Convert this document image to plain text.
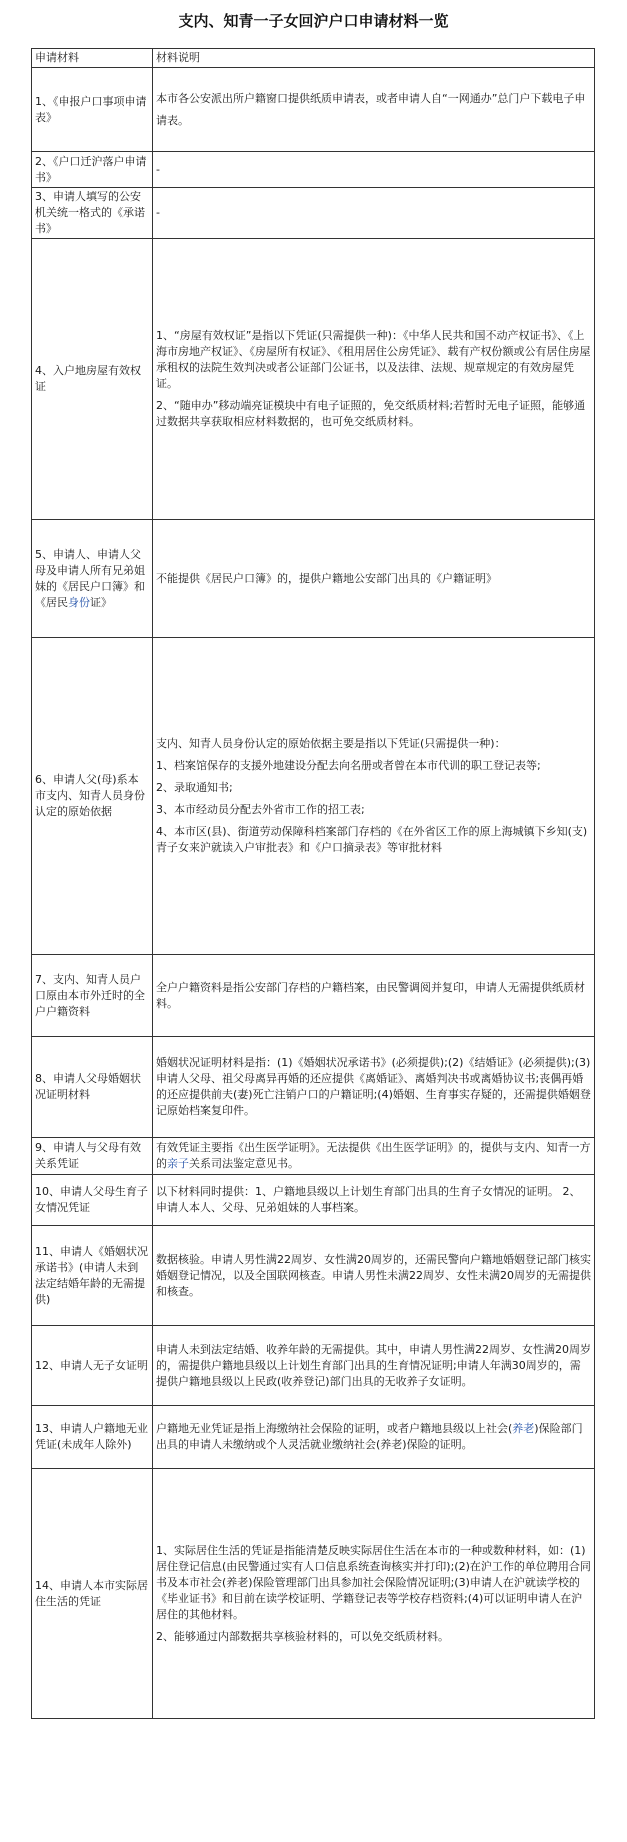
支内、知青一子女回沪户口申请材料一览
申请材料	材料说明
1、《申报户口事项申请表》	本市各公安派出所户籍窗口提供纸质申请表，或者申请人自“一网通办”总门户下载电子申请表。
2、《户口迁沪落户申请书》	-
3、申请人填写的公安机关统一格式的《承诺书》	-
4、入户地房屋有效权证	1、“房屋有效权证”是指以下凭证(只需提供一种)：《中华人民共和国不动产权证书》、《上海市房地产权证》、《房屋所有权证》、《租用居住公房凭证》、载有产权份额或公有居住房屋承租权的法院生效判决或者公证部门公证书，以及法律、法规、规章规定的有效房屋凭证。

2、“随申办”移动端亮证模块中有电子证照的，免交纸质材料;若暂时无电子证照，能够通过数据共享获取相应材料数据的，也可免交纸质材料。

5、申请人、申请人父母及申请人所有兄弟姐妹的《居民户口簿》和《居民身份证》	不能提供《居民户口簿》的，提供户籍地公安部门出具的《户籍证明》
6、申请人父(母)系本市支内、知青人员身份认定的原始依据	支内、知青人员身份认定的原始依据主要是指以下凭证(只需提供一种)：

1、档案馆保存的支援外地建设分配去向名册或者曾在本市代训的职工登记表等;

2、录取通知书;

3、本市经动员分配去外省市工作的招工表;

4、本市区(县)、街道劳动保障科档案部门存档的《在外省区工作的原上海城镇下乡知(支)青子女来沪就读入户审批表》和《户口摘录表》等审批材料

7、支内、知青人员户口原由本市外迁时的全户户籍资料	全户户籍资料是指公安部门存档的户籍档案，由民警调阅并复印，申请人无需提供纸质材料。
8、申请人父母婚姻状况证明材料	婚姻状况证明材料是指：(1)《婚姻状况承诺书》(必须提供);(2)《结婚证》(必须提供);(3)申请人父母、祖父母离异再婚的还应提供《离婚证》、离婚判决书或离婚协议书;丧偶再婚的还应提供前夫(妻)死亡注销户口的户籍证明;(4)婚姻、生育事实存疑的，还需提供婚姻登记原始档案复印件。
9、申请人与父母有效关系凭证	有效凭证主要指《出生医学证明》。无法提供《出生医学证明》的，提供与支内、知青一方的亲子关系司法鉴定意见书。
10、申请人父母生育子女情况凭证	以下材料同时提供：1、户籍地县级以上计划生育部门出具的生育子女情况的证明。 2、申请人本人、父母、兄弟姐妹的人事档案。
11、申请人《婚姻状况承诺书》(申请人未到法定结婚年龄的无需提供)	数据核验。申请人男性满22周岁、女性满20周岁的，还需民警向户籍地婚姻登记部门核实婚姻登记情况，以及全国联网核查。申请人男性未满22周岁、女性未满20周岁的无需提供和核查。
12、申请人无子女证明	申请人未到法定结婚、收养年龄的无需提供。其中，申请人男性满22周岁、女性满20周岁的，需提供户籍地县级以上计划生育部门出具的生育情况证明;申请人年满30周岁的，需提供户籍地县级以上民政(收养登记)部门出具的无收养子女证明。
13、申请人户籍地无业凭证(未成年人除外)	户籍地无业凭证是指上海缴纳社会保险的证明，或者户籍地县级以上社会(养老)保险部门出具的申请人未缴纳或个人灵活就业缴纳社会(养老)保险的证明。
14、申请人本市实际居住生活的凭证	1、实际居住生活的凭证是指能清楚反映实际居住生活在本市的一种或数种材料，如：(1)居住登记信息(由民警通过实有人口信息系统查询核实并打印);(2)在沪工作的单位聘用合同书及本市社会(养老)保险管理部门出具参加社会保险情况证明;(3)申请人在沪就读学校的《毕业证书》和目前在读学校证明、学籍登记表等学校存档资料;(4)可以证明申请人在沪居住的其他材料。

2、能够通过内部数据共享核验材料的，可以免交纸质材料。
